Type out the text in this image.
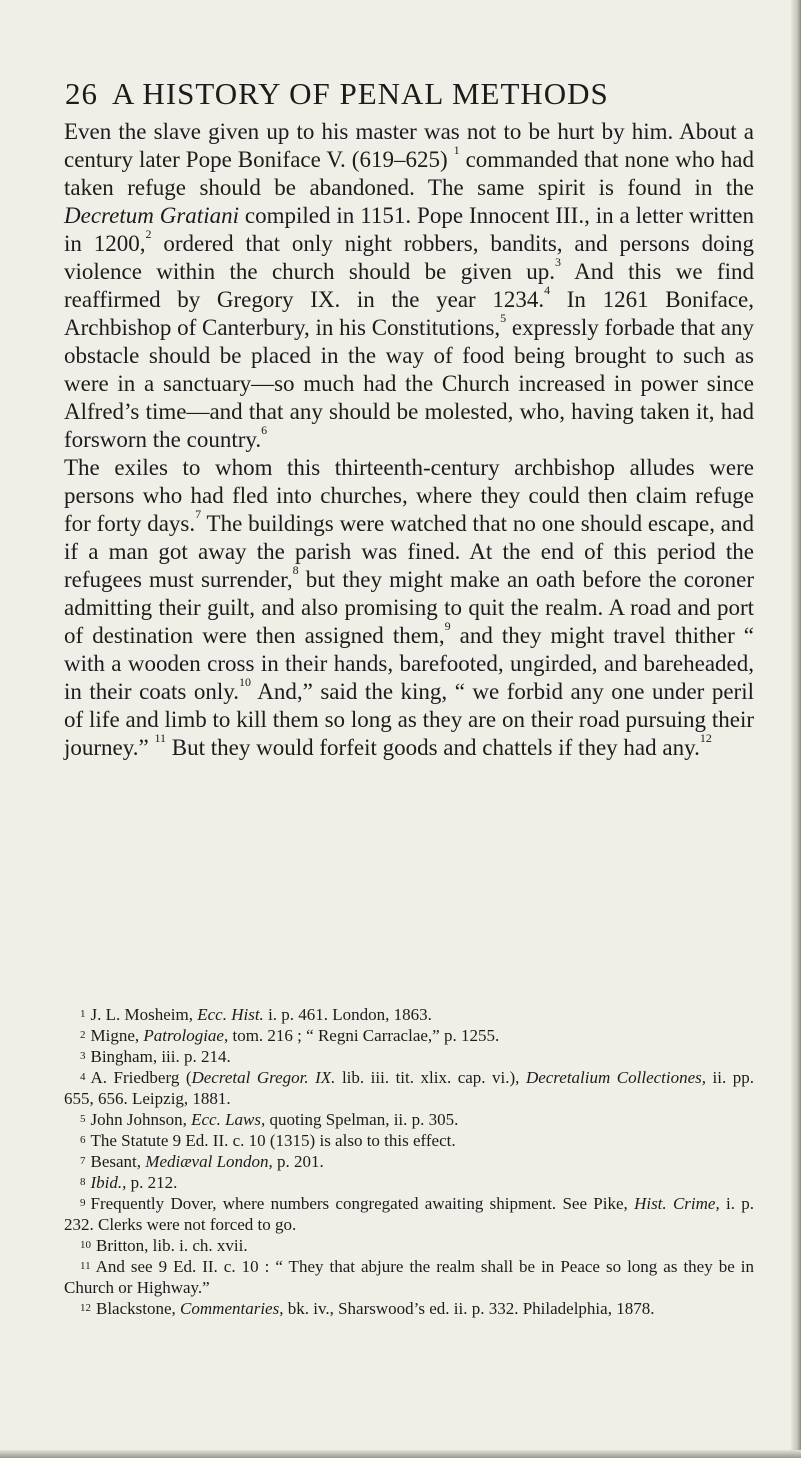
26 A HISTORY OF PENAL METHODS

Even the slave given up to his master was not to be hurt by him. About a century later Pope Boniface V. (619–625) $^1$ commanded that none who had taken refuge should be abandoned. The same spirit is found in the Decretum Gratiani compiled in 1151. Pope Innocent III., in a letter written in 1200,$^2$ ordered that only night robbers, bandits, and persons doing violence within the church should be given up.$^3$ And this we find reaffirmed by Gregory IX. in the year 1234.$^4$ In 1261 Boniface, Archbishop of Canterbury, in his Constitutions,$^5$ expressly forbade that any obstacle should be placed in the way of food being brought to such as were in a sanctuary—so much had the Church increased in power since Alfred’s time—and that any should be molested, who, having taken it, had forsworn the country.$^6$

The exiles to whom this thirteenth-century archbishop alludes were persons who had fled into churches, where they could then claim refuge for forty days.$^7$ The buildings were watched that no one should escape, and if a man got away the parish was fined. At the end of this period the refugees must surrender,$^8$ but they might make an oath before the coroner admitting their guilt, and also promising to quit the realm. A road and port of destination were then assigned them,$^9$ and they might travel thither “ with a wooden cross in their hands, barefooted, ungirded, and bareheaded, in their coats only.$^{10}$ And,” said the king, “ we forbid any one under peril of life and limb to kill them so long as they are on their road pursuing their journey.” $^{11}$ But they would forfeit goods and chattels if they had any.$^{12}$

$^1$ J. L. Mosheim, Ecc. Hist. i. p. 461. London, 1863.

$^2$ Migne, Patrologiae, tom. 216 ; “ Regni Carraclae,” p. 1255.

$^3$ Bingham, iii. p. 214.

$^4$ A. Friedberg (Decretal Gregor. IX. lib. iii. tit. xlix. cap. vi.), Decretalium Collectiones, ii. pp. 655, 656. Leipzig, 1881.

$^5$ John Johnson, Ecc. Laws, quoting Spelman, ii. p. 305.

$^6$ The Statute 9 Ed. II. c. 10 (1315) is also to this effect.

$^7$ Besant, Mediæval London, p. 201.

$^8$ Ibid., p. 212.

$^9$ Frequently Dover, where numbers congregated awaiting shipment. See Pike, Hist. Crime, i. p. 232. Clerks were not forced to go.

$^{10}$ Britton, lib. i. ch. xvii.

$^{11}$ And see 9 Ed. II. c. 10 : “ They that abjure the realm shall be in Peace so long as they be in Church or Highway.”

$^{12}$ Blackstone, Commentaries, bk. iv., Sharswood’s ed. ii. p. 332. Philadelphia, 1878.
